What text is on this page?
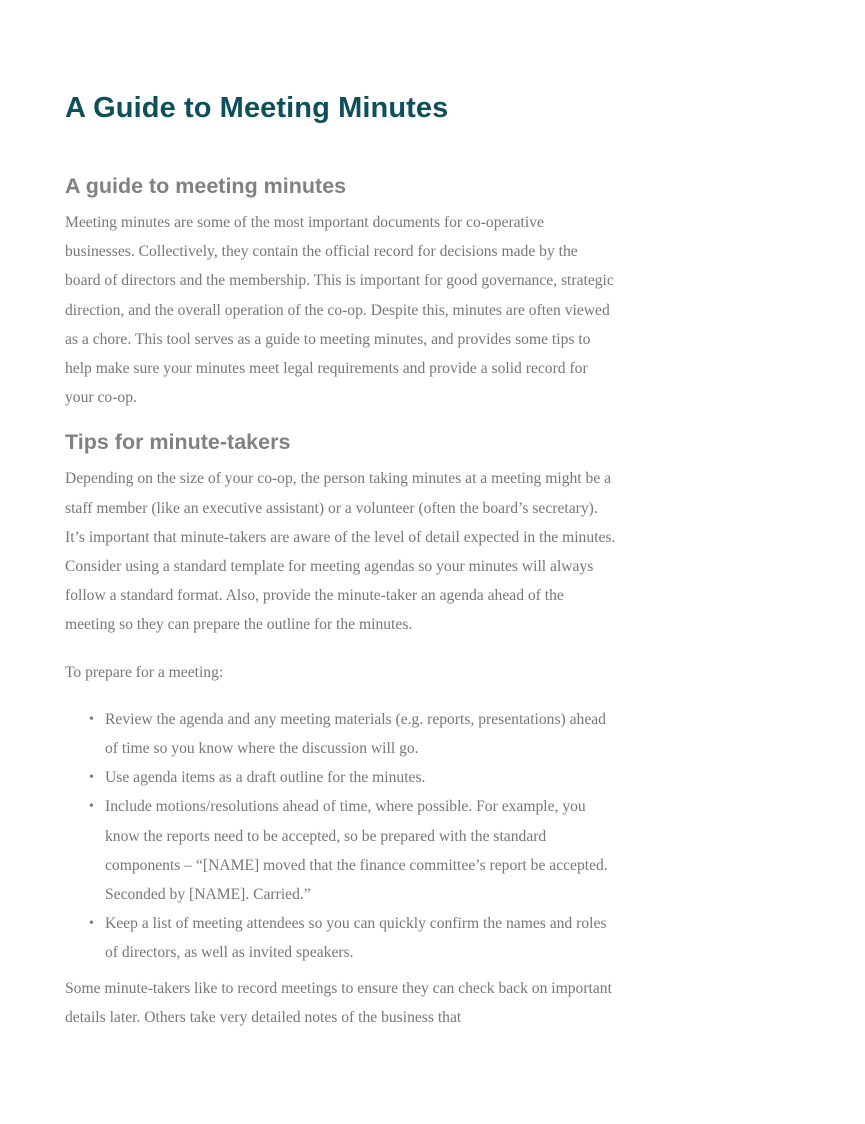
A Guide to Meeting Minutes
A guide to meeting minutes

Meeting minutes are some of the most important documents for co-operative businesses. Collectively, they contain the official record for decisions made by the board of directors and the membership. This is important for good governance, strategic direction, and the overall operation of the co-op. Despite this, minutes are often viewed as a chore. This tool serves as a guide to meeting minutes, and provides some tips to help make sure your minutes meet legal requirements and provide a solid record for your co-op.

Tips for minute-takers

Depending on the size of your co-op, the person taking minutes at a meeting might be a staff member (like an executive assistant) or a volunteer (often the board’s secretary). It’s important that minute-takers are aware of the level of detail expected in the minutes. Consider using a standard template for meeting agendas so your minutes will always follow a standard format. Also, provide the minute-taker an agenda ahead of the meeting so they can prepare the outline for the minutes.

To prepare for a meeting:

• Review the agenda and any meeting materials (e.g. reports, presentations) ahead of time so you know where the discussion will go.
• Use agenda items as a draft outline for the minutes.
• Include motions/resolutions ahead of time, where possible. For example, you know the reports need to be accepted, so be prepared with the standard components – “[NAME] moved that the finance committee’s report be accepted. Seconded by [NAME]. Carried.”
• Keep a list of meeting attendees so you can quickly confirm the names and roles of directors, as well as invited speakers.

Some minute-takers like to record meetings to ensure they can check back on important details later. Others take very detailed notes of the business that
